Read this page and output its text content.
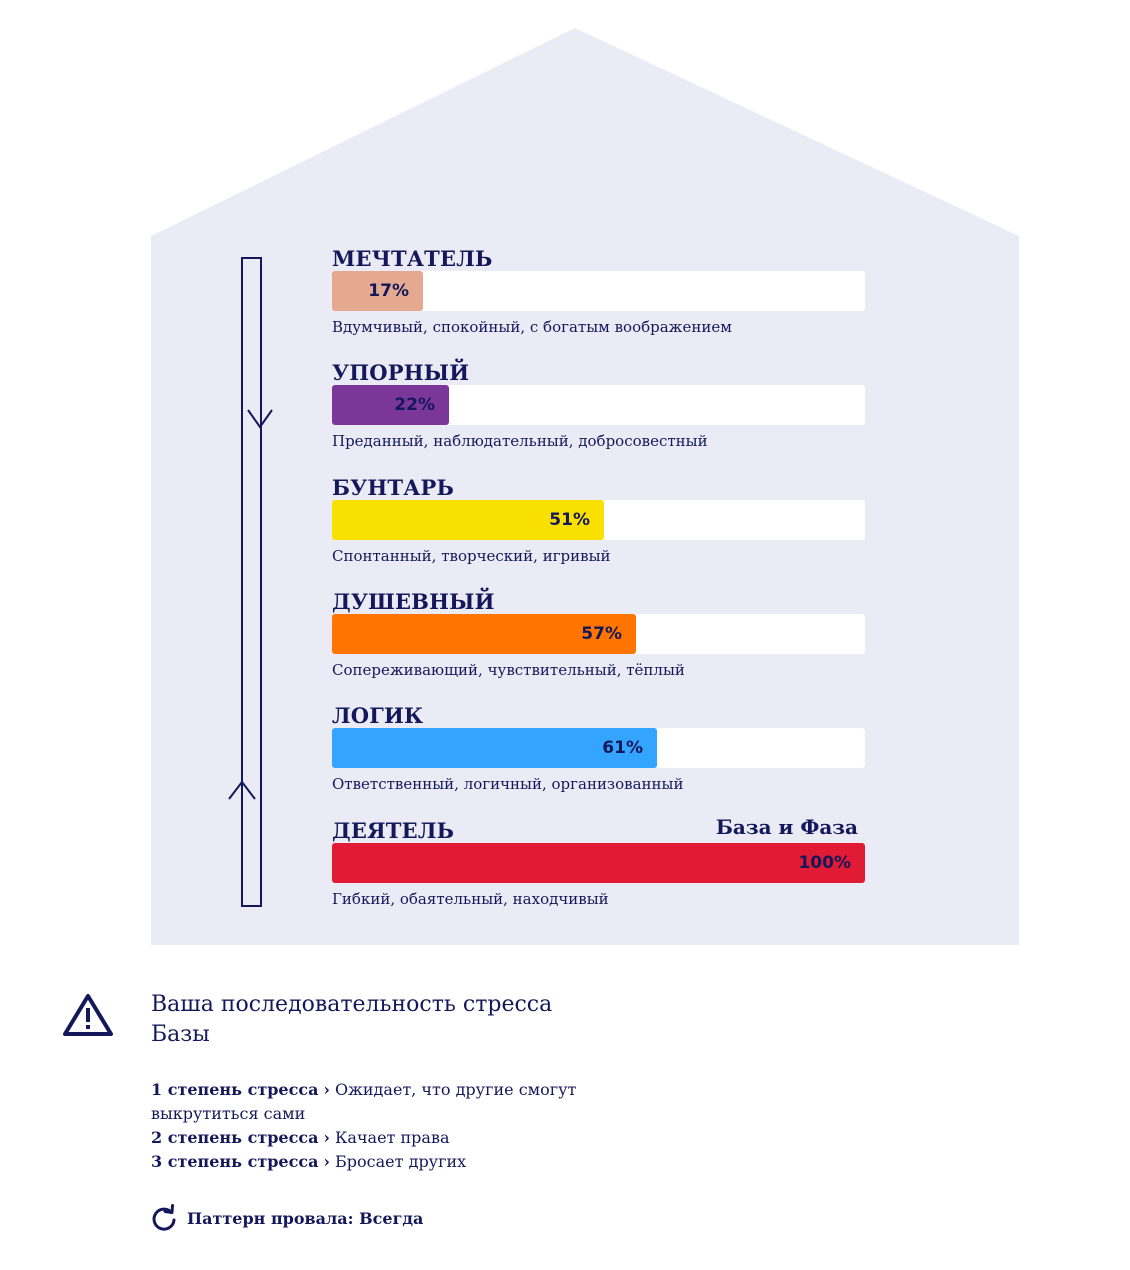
МЕЧТАТЕЛЬ
17%
Вдумчивый, спокойный, с богатым воображением
УПОРНЫЙ
22%
Преданный, наблюдательный, добросовестный
БУНТАРЬ
51%
Спонтанный, творческий, игривый
ДУШЕВНЫЙ
57%
Сопереживающий, чувствительный, тёплый
ЛОГИК
61%
Ответственный, логичный, организованный
ДЕЯТЕЛЬ	База и Фаза
100%
Гибкий, обаятельный, находчивый
Ваша последовательность стресса
Базы
1 степень стресса › Ожидает, что другие смогут выкрутиться сами
2 степень стресса › Качает права
3 степень стресса › Бросает других
Паттерн провала: Всегда
